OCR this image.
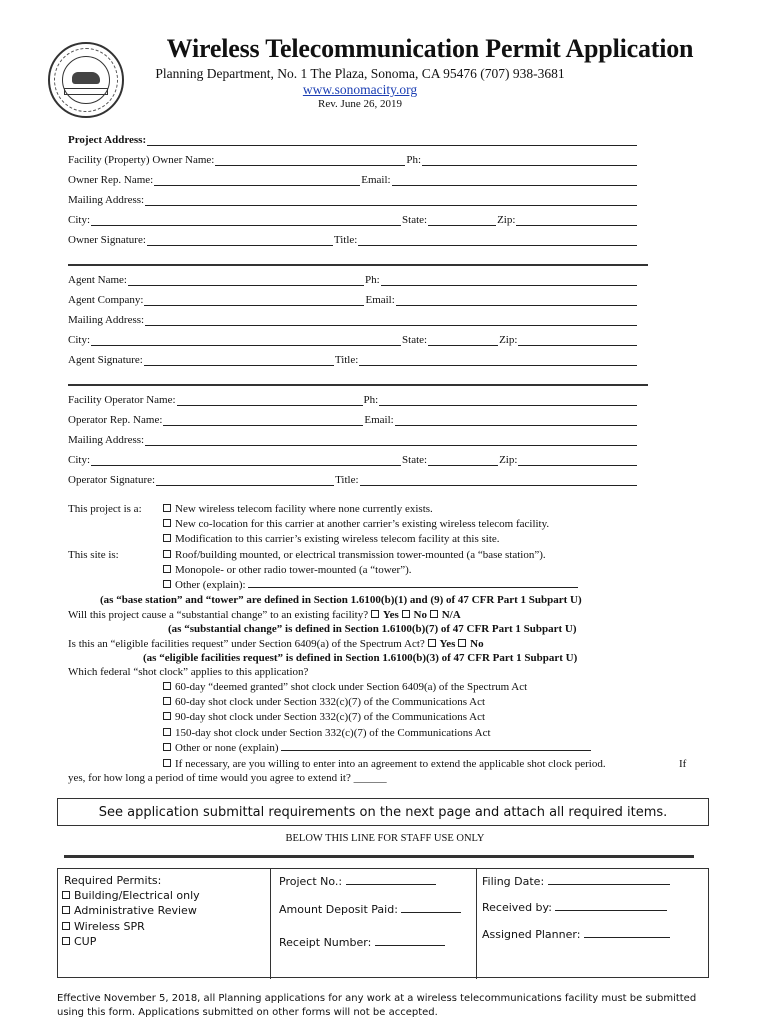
Wireless Telecommunication Permit Application
Planning Department, No. 1 The Plaza, Sonoma, CA 95476 (707) 938-3681
www.sonomacity.org
Rev. June 26, 2019
Project Address:
Facility (Property) Owner Name:	Ph:
Owner Rep. Name:	Email:
Mailing Address:
City:	State:	Zip:
Owner Signature:	Title:
Agent Name:	Ph:
Agent Company:	Email:
Mailing Address:
City:	State:	Zip:
Agent Signature:	Title:
Facility Operator Name:	Ph:
Operator Rep. Name:	Email:
Mailing Address:
City:	State:	Zip:
Operator Signature:	Title:
This project is a:	New wireless telecom facility where none currently exists.
New co-location for this carrier at another carrier’s existing wireless telecom facility.
Modification to this carrier’s existing wireless telecom facility at this site.
This site is:	Roof/building mounted, or electrical transmission tower-mounted (a “base station”).
Monopole- or other radio tower-mounted (a “tower”).
Other (explain):
(as “base station” and “tower” are defined in Section 1.6100(b)(1) and (9) of 47 CFR Part 1 Subpart U)
Will this project cause a “substantial change” to an existing facility? Yes No N/A
(as “substantial change” is defined in Section 1.6100(b)(7) of 47 CFR Part 1 Subpart U)
Is this an “eligible facilities request” under Section 6409(a) of the Spectrum Act? Yes No
(as “eligible facilities request” is defined in Section 1.6100(b)(3) of 47 CFR Part 1 Subpart U)
Which federal “shot clock” applies to this application?
60-day “deemed granted” shot clock under Section 6409(a) of the Spectrum Act
60-day shot clock under Section 332(c)(7) of the Communications Act
90-day shot clock under Section 332(c)(7) of the Communications Act
150-day shot clock under Section 332(c)(7) of the Communications Act
Other or none (explain)
If necessary, are you willing to enter into an agreement to extend the applicable shot clock period.	If
yes, for how long a period of time would you agree to extend it? ______
See application submittal requirements on the next page and attach all required items.
BELOW THIS LINE FOR STAFF USE ONLY
Required Permits:
Building/Electrical only
Administrative Review
Wireless SPR
CUP
Project No.:
Amount Deposit Paid:
Receipt Number:
Filing Date:
Received by:
Assigned Planner:
Effective November 5, 2018, all Planning applications for any work at a wireless telecommunications facility must be submitted using this form. Applications submitted on other forms will not be accepted.
